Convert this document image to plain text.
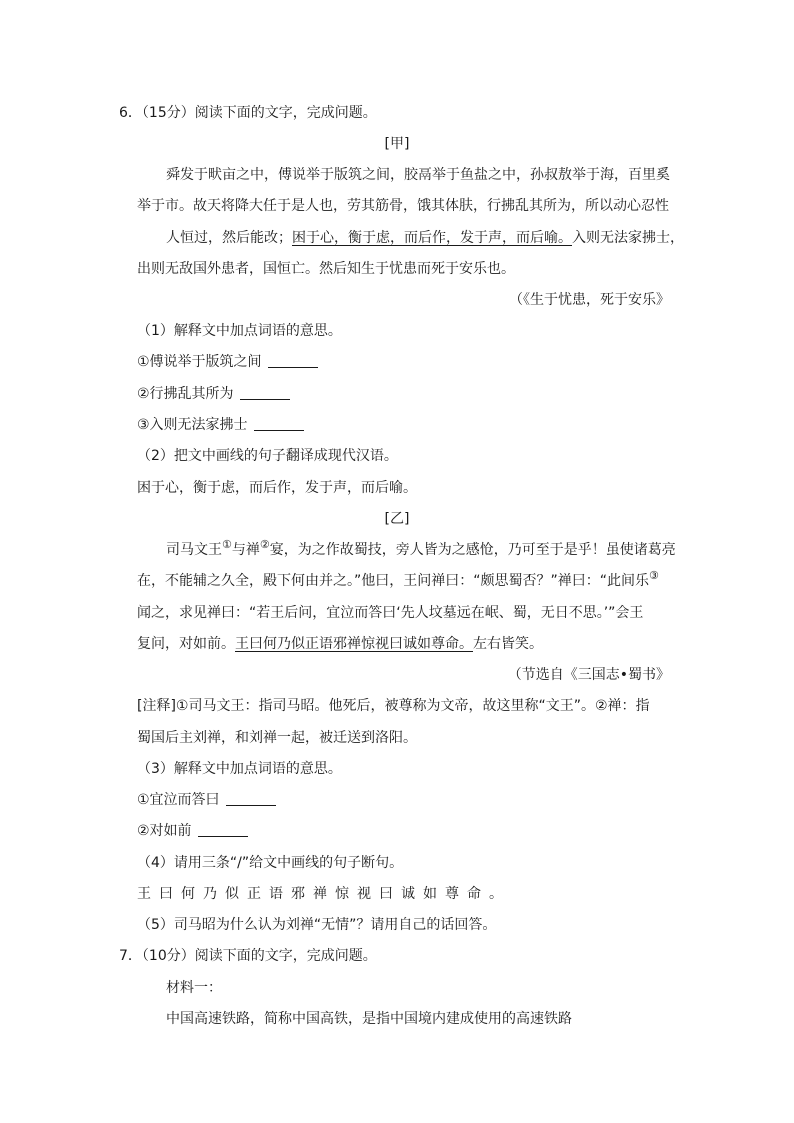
6．（15分）阅读下面的文字，完成问题。
[甲]
舜发于畎亩之中，傅说举于版筑之间，胶鬲举于鱼盐之中，孙叔敖举于海，百里奚
举于市。故天将降大任于是人也，劳其筋骨，饿其体肤，行拂乱其所为，所以动心忍性
人恒过，然后能改；困于心，衡于虑，而后作，发于声，而后喻。入则无法家拂士，
出则无敌国外患者，国恒亡。然后知生于忧患而死于安乐也。
（《生于忧患，死于安乐》
（1）解释文中加点词语的意思。
①傅说举于版筑之间
②行拂乱其所为
③入则无法家拂士
（2）把文中画线的句子翻译成现代汉语。
困于心，衡于虑，而后作，发于声，而后喻。
[乙]
司马文王①与禅②宴，为之作故蜀技，旁人皆为之感怆，乃可至于是乎！虽使诸葛亮
在，不能辅之久全，殿下何由并之。”他曰，王问禅曰：“颇思蜀否？”禅曰：“此间乐③
闻之，求见禅曰：“若王后问，宜泣而答曰‘先人坟墓远在岷、蜀，无日不思。’”会王
复问，对如前。王曰何乃似正语邪禅惊视曰诚如尊命。左右皆笑。
（节选自《三国志•蜀书》
[注释]①司马文王：指司马昭。他死后，被尊称为文帝，故这里称“文王”。②禅：指
蜀国后主刘禅，和刘禅一起，被迁送到洛阳。
（3）解释文中加点词语的意思。
①宜泣而答曰
②对如前
（4）请用三条“/”给文中画线的句子断句。
王曰何乃似正语邪禅惊视曰诚如尊命。
（5）司马昭为什么认为刘禅“无情”？请用自己的话回答。
7．（10分）阅读下面的文字，完成问题。
材料一：
中国高速铁路，简称中国高铁，是指中国境内建成使用的高速铁路
